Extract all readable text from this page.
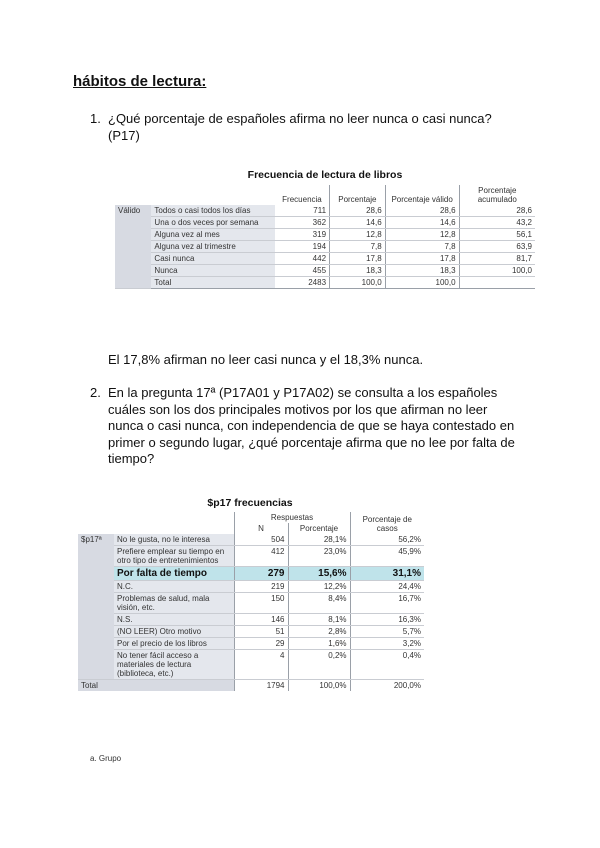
hábitos de lectura:
1. ¿Qué porcentaje de españoles afirma no leer nunca o casi nunca?
(P17)
Frecuencia de lectura de libros
		Frecuencia	Porcentaje	Porcentaje válido	Porcentaje acumulado
Válido	Todos o casi todos los días	711	28,6	28,6	28,6
	Una o dos veces por semana	362	14,6	14,6	43,2
	Alguna vez al mes	319	12,8	12,8	56,1
	Alguna vez al trimestre	194	7,8	7,8	63,9
	Casi nunca	442	17,8	17,8	81,7
	Nunca	455	18,3	18,3	100,0
	Total	2483	100,0	100,0	
El 17,8% afirman no leer casi nunca y el 18,3% nunca.
2. En la pregunta 17ª (P17A01 y P17A02) se consulta a los españoles
cuáles son los dos principales motivos por los que afirman no leer
nunca o casi nunca, con independencia de que se haya contestado en
primer o segundo lugar, ¿qué porcentaje afirma que no lee por falta de
tiempo?
$p17 frecuencias
		Respuestas		Porcentaje de casos
		N	Porcentaje	
$p17ª	No le gusta, no le interesa	504	28,1%	56,2%
	Prefiere emplear su tiempo en otro tipo de entretenimientos	412	23,0%	45,9%
	Por falta de tiempo	279	15,6%	31,1%
	N.C.	219	12,2%	24,4%
	Problemas de salud, mala visión, etc.	150	8,4%	16,7%
	N.S.	146	8,1%	16,3%
	(NO LEER) Otro motivo	51	2,8%	5,7%
	Por el precio de los libros	29	1,6%	3,2%
	No tener fácil acceso a materiales de lectura (biblioteca, etc.)	4	0,2%	0,4%
Total		1794	100,0%	200,0%
a. Grupo
